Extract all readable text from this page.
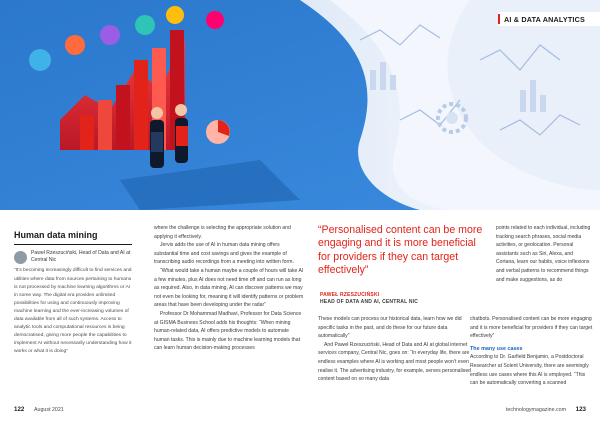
AI & DATA ANALYTICS
Human data mining
Paweł Rzeszuciński, Head of Data and AI at Central Nic
“It’s becoming increasingly difficult to find services and utilities where data from sources pertaining to humans is not processed by machine learning algorithms or AI in some way. The digital era provides unlimited possibilities for using and continuously improving machine learning and the ever-increasing volumes of data available from all of such systems. Access to analytic tools and computational resources is being democratised, giving more people the capabilities to implement AI without necessarily understanding how it works or what it is doing”

where the challenge is selecting the appropriate solution and applying it effectively.

Jervis adds the use of AI in human data mining offers substantial time and cost savings and gives the example of transcribing audio recordings from a meeting into written form.

“What would take a human maybe a couple of hours will take AI a few minutes, plus AI does not need time off and can run as long as required. Also, in data mining, AI can discover patterns we may not even be looking for, meaning it will identify patterns or problem areas that have been developing under the radar”

Professor Dr Mohammad Madhavi, Professor for Data Science at GISMA Business School adds his thoughts: “When mining human-related data, AI offers predictive models to automate human tasks. This is mainly due to machine learning models that can learn human decision-making processes

“Personalised content can be more engaging and it is more beneficial for providers if they can target effectively”
PAWEŁ RZESZUCIŃSKI
HEAD OF DATA AND AI, CENTRAL NIC

These models can process our historical data, learn how we did specific tasks in the past, and do these for our future data automatically”

And Paweł Rzeszuciński, Head of Data and AI at global internet services company, Central Nic, goes on: “In everyday life, there are endless examples where AI is working and most people won’t even realise it. The advertising industry, for example, serves personalised content based on so many data

points related to each individual, including tracking search phrases, social media activities, or geolocation. Personal assistants such as Siri, Alexa, and Cortana, learn our habits, voice inflexions and verbal patterns to recommend things and make suggestions, as do

chatbots. Personalised content can be more engaging and it is more beneficial for providers if they can target effectively”

The many use cases

According to Dr. Garfield Benjamin, a Postdoctoral Researcher at Solent University, there are seemingly endless use cases where this AI is employed. “This can be automatically converting a scanned

122 August 2021	technologymagazine.com 123
